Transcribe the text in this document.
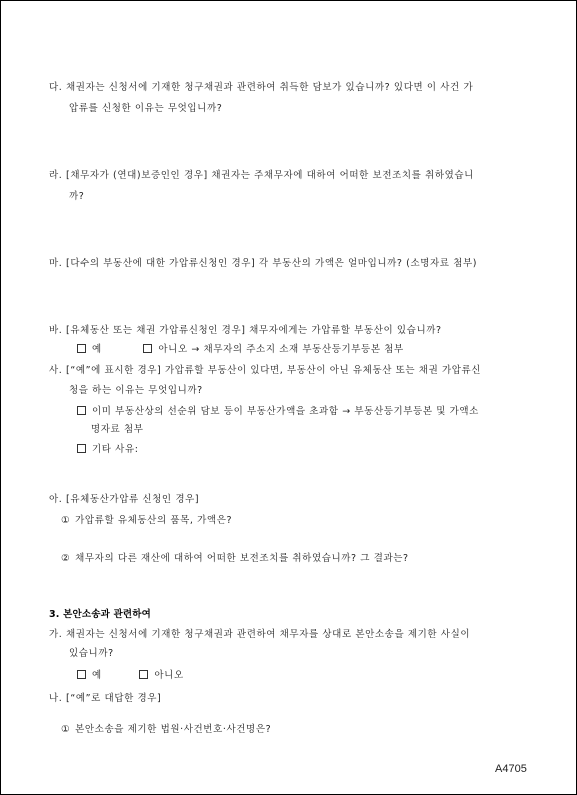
다. 채권자는 신청서에 기재한 청구채권과 관련하여 취득한 담보가 있습니까? 있다면 이 사건 가
압류를 신청한 이유는 무엇입니까?
라. [채무자가 (연대)보증인인 경우] 채권자는 주채무자에 대하여 어떠한 보전조치를 취하였습니
까?
마. [다수의 부동산에 대한 가압류신청인 경우] 각 부동산의 가액은 얼마입니까? (소명자료 첨부)
바. [유체동산 또는 채권 가압류신청인 경우] 채무자에게는 가압류할 부동산이 있습니까?
예	아니오 → 채무자의 주소지 소재 부동산등기부등본 첨부
사. [“예”에 표시한 경우] 가압류할 부동산이 있다면, 부동산이 아닌 유체동산 또는 채권 가압류신
청을 하는 이유는 무엇입니까?
이미 부동산상의 선순위 담보 등이 부동산가액을 초과함 → 부동산등기부등본 및 가액소
명자료 첨부
기타 사유:
아. [유체동산가압류 신청인 경우]
① 가압류할 유체동산의 품목, 가액은?
② 채무자의 다른 재산에 대하여 어떠한 보전조치를 취하였습니까? 그 결과는?
3. 본안소송과 관련하여
가. 채권자는 신청서에 기재한 청구채권과 관련하여 채무자를 상대로 본안소송을 제기한 사실이
있습니까?
예	아니오
나. [“예”로 대답한 경우]
① 본안소송을 제기한 법원·사건번호·사건명은?
A4705
